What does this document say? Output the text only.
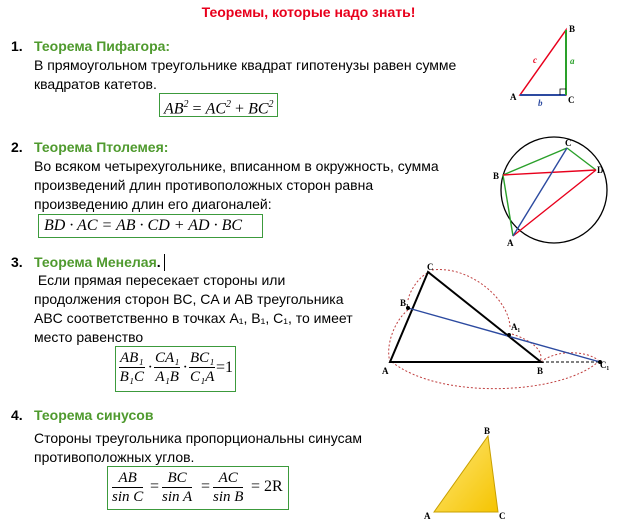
Теоремы, которые надо знать!
1. Теорема Пифагора:
В прямоугольном треугольнике квадрат гипотенузы равен сумме
квадратов катетов.
$AB^2 = AC^2 + BC^2$
B
A	C
a
b
c
2. Теорема Птолемея:
Во всяком четырехугольнике, вписанном в окружность, сумма
произведений длин противоположных сторон равна
произведению длин его диагоналей:
BD · AC = AB · CD + AD · BC
B
C
D
A
3. Теорема Менелая.
Если прямая пересекает стороны или
продолжения сторон BC, CA и AB треугольника
ABC соответственно в точках A₁, B₁, C₁, то имеет
место равенство
$\frac{\text{AB₁}}{\text{B₁C}} \cdot \frac{\text{CA₁}}{\text{A₁B}} \cdot \frac{\text{BC₁}}{\text{C₁A}} =1$
C
B₁
A₁
C₁
A	B
4. Теорема синусов
Стороны треугольника пропорциональны синусам
противоположных углов.
$\frac{AB}{\text{sin C}} = \frac{BC}{\text{sin A}} = \frac{AC}{\text{sin B}} = 2R$
B
A	C
